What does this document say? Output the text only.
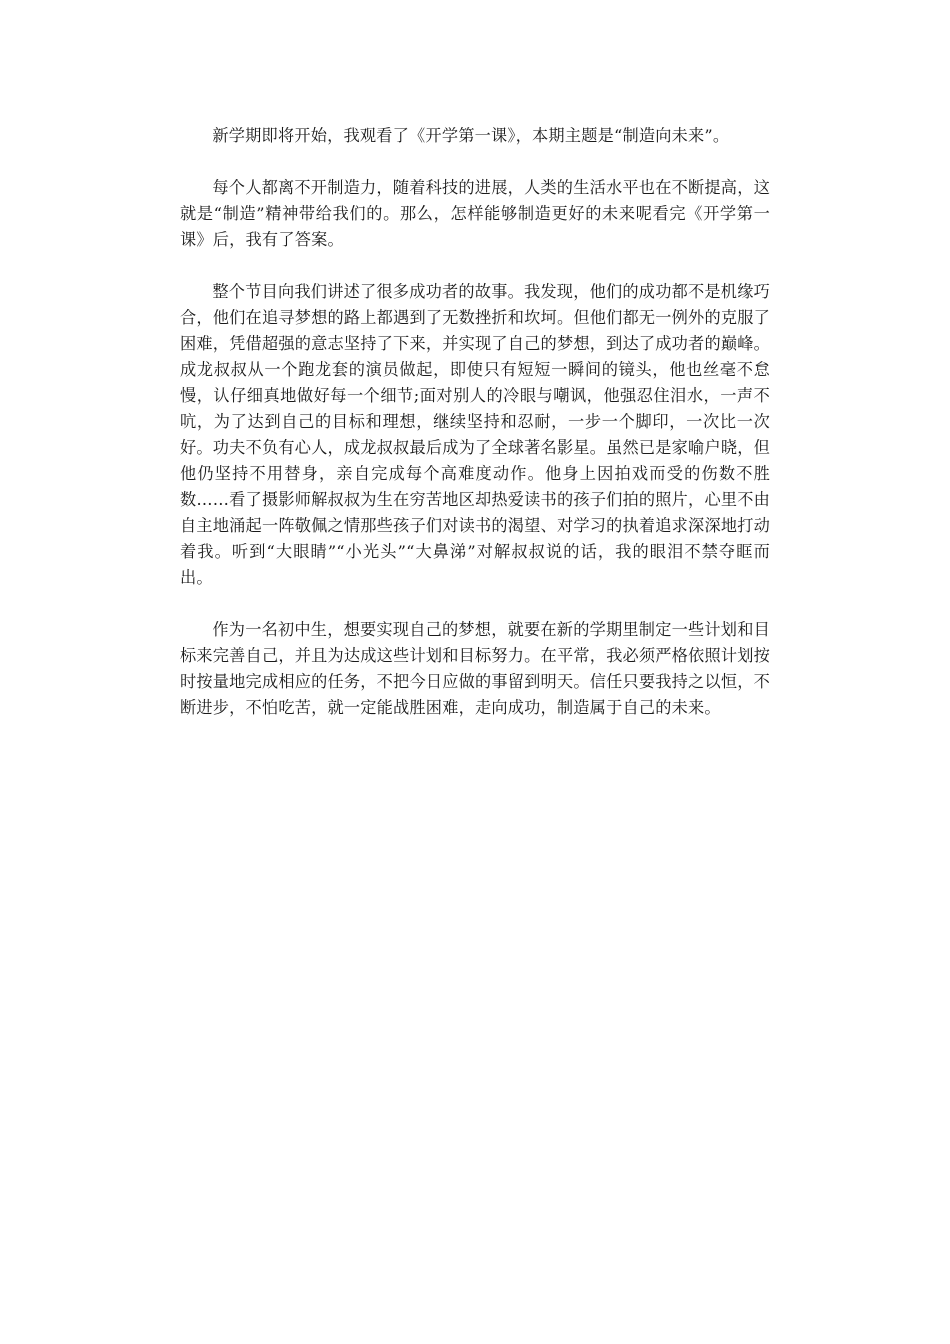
新学期即将开始，我观看了《开学第一课》，本期主题是“制造向未来”。

每个人都离不开制造力，随着科技的进展，人类的生活水平也在不断提高，这就是“制造”精神带给我们的。那么，怎样能够制造更好的未来呢看完《开学第一课》后，我有了答案。

整个节目向我们讲述了很多成功者的故事。我发现，他们的成功都不是机缘巧合，他们在追寻梦想的路上都遇到了无数挫折和坎坷。但他们都无一例外的克服了困难，凭借超强的意志坚持了下来，并实现了自己的梦想，到达了成功者的巅峰。成龙叔叔从一个跑龙套的演员做起，即使只有短短一瞬间的镜头，他也丝毫不怠慢，认仔细真地做好每一个细节;面对别人的冷眼与嘲讽，他强忍住泪水，一声不吭，为了达到自己的目标和理想，继续坚持和忍耐，一步一个脚印，一次比一次好。功夫不负有心人，成龙叔叔最后成为了全球著名影星。虽然已是家喻户晓，但他仍坚持不用替身，亲自完成每个高难度动作。他身上因拍戏而受的伤数不胜数……看了摄影师解叔叔为生在穷苦地区却热爱读书的孩子们拍的照片，心里不由自主地涌起一阵敬佩之情那些孩子们对读书的渴望、对学习的执着追求深深地打动着我。听到“大眼睛”“小光头”“大鼻涕”对解叔叔说的话，我的眼泪不禁夺眶而出。

作为一名初中生，想要实现自己的梦想，就要在新的学期里制定一些计划和目标来完善自己，并且为达成这些计划和目标努力。在平常，我必须严格依照计划按时按量地完成相应的任务，不把今日应做的事留到明天。信任只要我持之以恒，不断进步，不怕吃苦，就一定能战胜困难，走向成功，制造属于自己的未来。
